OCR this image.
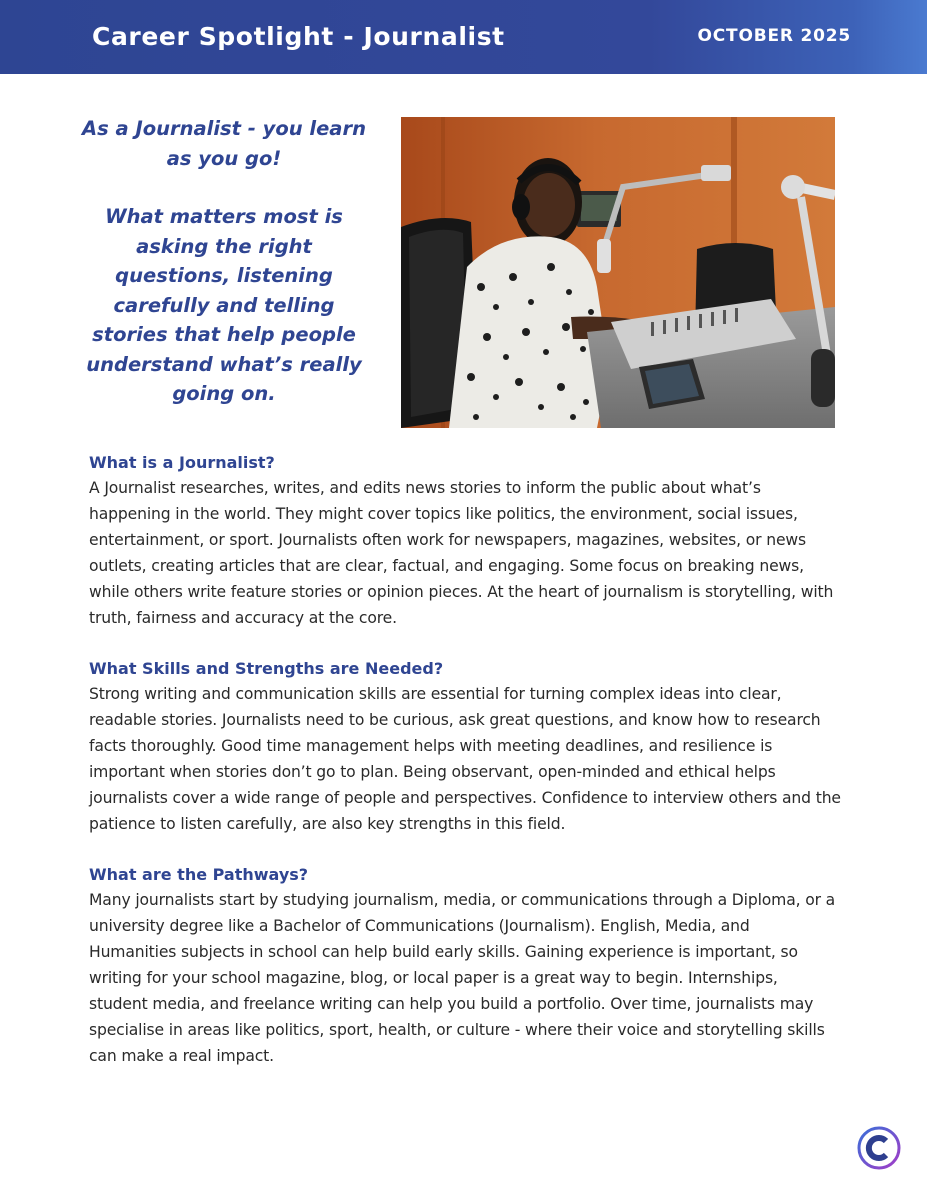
Career Spotlight - Journalist	OCTOBER 2025

As a Journalist - you learn as you go!

What matters most is asking the right questions, listening carefully and telling stories that help people understand what’s really going on.

What is a Journalist?

A Journalist researches, writes, and edits news stories to inform the public about what’s happening in the world. They might cover topics like politics, the environment, social issues, entertainment, or sport. Journalists often work for newspapers, magazines, websites, or news outlets, creating articles that are clear, factual, and engaging. Some focus on breaking news, while others write feature stories or opinion pieces. At the heart of journalism is storytelling, with truth, fairness and accuracy at the core.

What Skills and Strengths are Needed?

Strong writing and communication skills are essential for turning complex ideas into clear, readable stories. Journalists need to be curious, ask great questions, and know how to research facts thoroughly. Good time management helps with meeting deadlines, and resilience is important when stories don’t go to plan. Being observant, open-minded and ethical helps journalists cover a wide range of people and perspectives. Confidence to interview others and the patience to listen carefully, are also key strengths in this field.

What are the Pathways?

Many journalists start by studying journalism, media, or communications through a Diploma, or a university degree like a Bachelor of Communications (Journalism). English, Media, and Humanities subjects in school can help build early skills. Gaining experience is important, so writing for your school magazine, blog, or local paper is a great way to begin. Internships, student media, and freelance writing can help you build a portfolio. Over time, journalists may specialise in areas like politics, sport, health, or culture - where their voice and storytelling skills can make a real impact.
